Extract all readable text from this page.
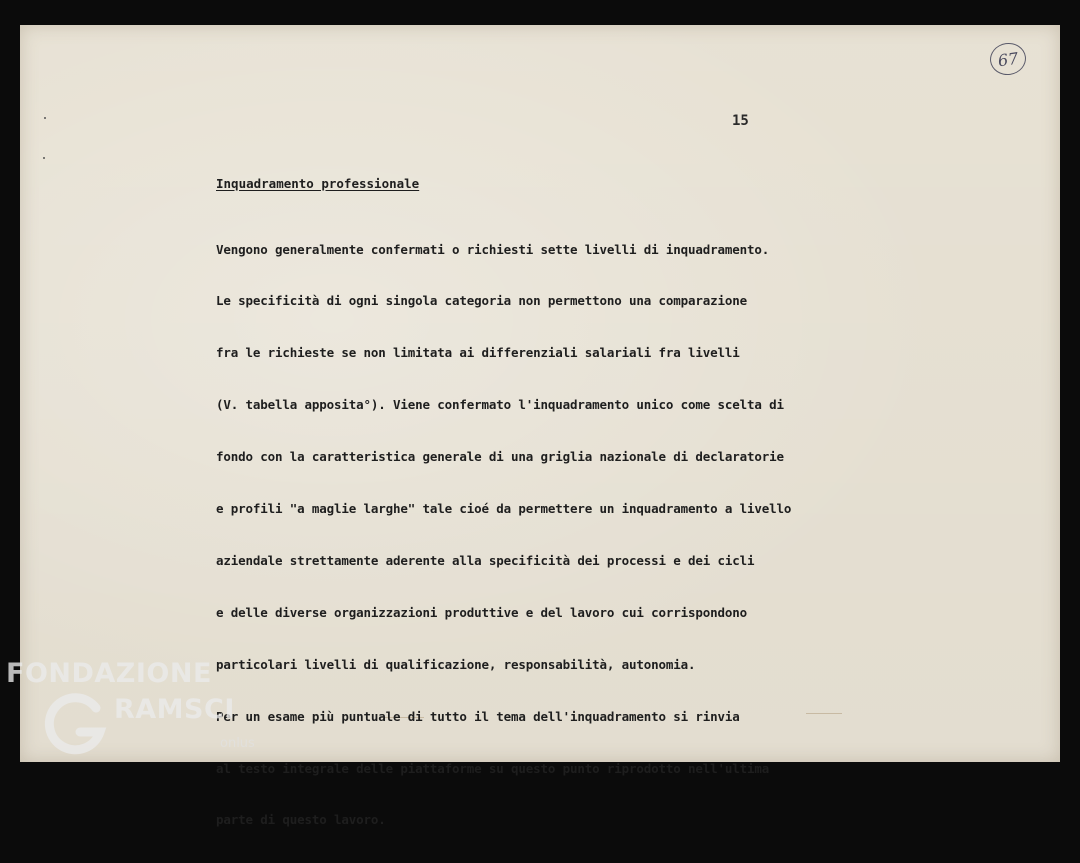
67
15
Inquadramento professionale

Vengono generalmente confermati o richiesti sette livelli di inquadramento.

Le specificità di ogni singola categoria non permettono una comparazione

fra le richieste se non limitata ai differenziali salariali fra livelli

(V. tabella apposita°). Viene confermato l'inquadramento unico come scelta di

fondo con la caratteristica generale di una griglia nazionale di declaratorie

e profili "a maglie larghe" tale cioé da permettere un inquadramento a livello

aziendale strettamente aderente alla specificità dei processi e dei cicli

e delle diverse organizzazioni produttive e del lavoro cui corrispondono

particolari livelli di qualificazione, responsabilità, autonomia.

Per un esame più puntuale di tutto il tema dell'inquadramento si rinvia

al testo integrale delle piattaforme su questo punto riprodotto nell'ultima

parte di questo lavoro.

FONDAZIONE
RAMSCI
onlus
